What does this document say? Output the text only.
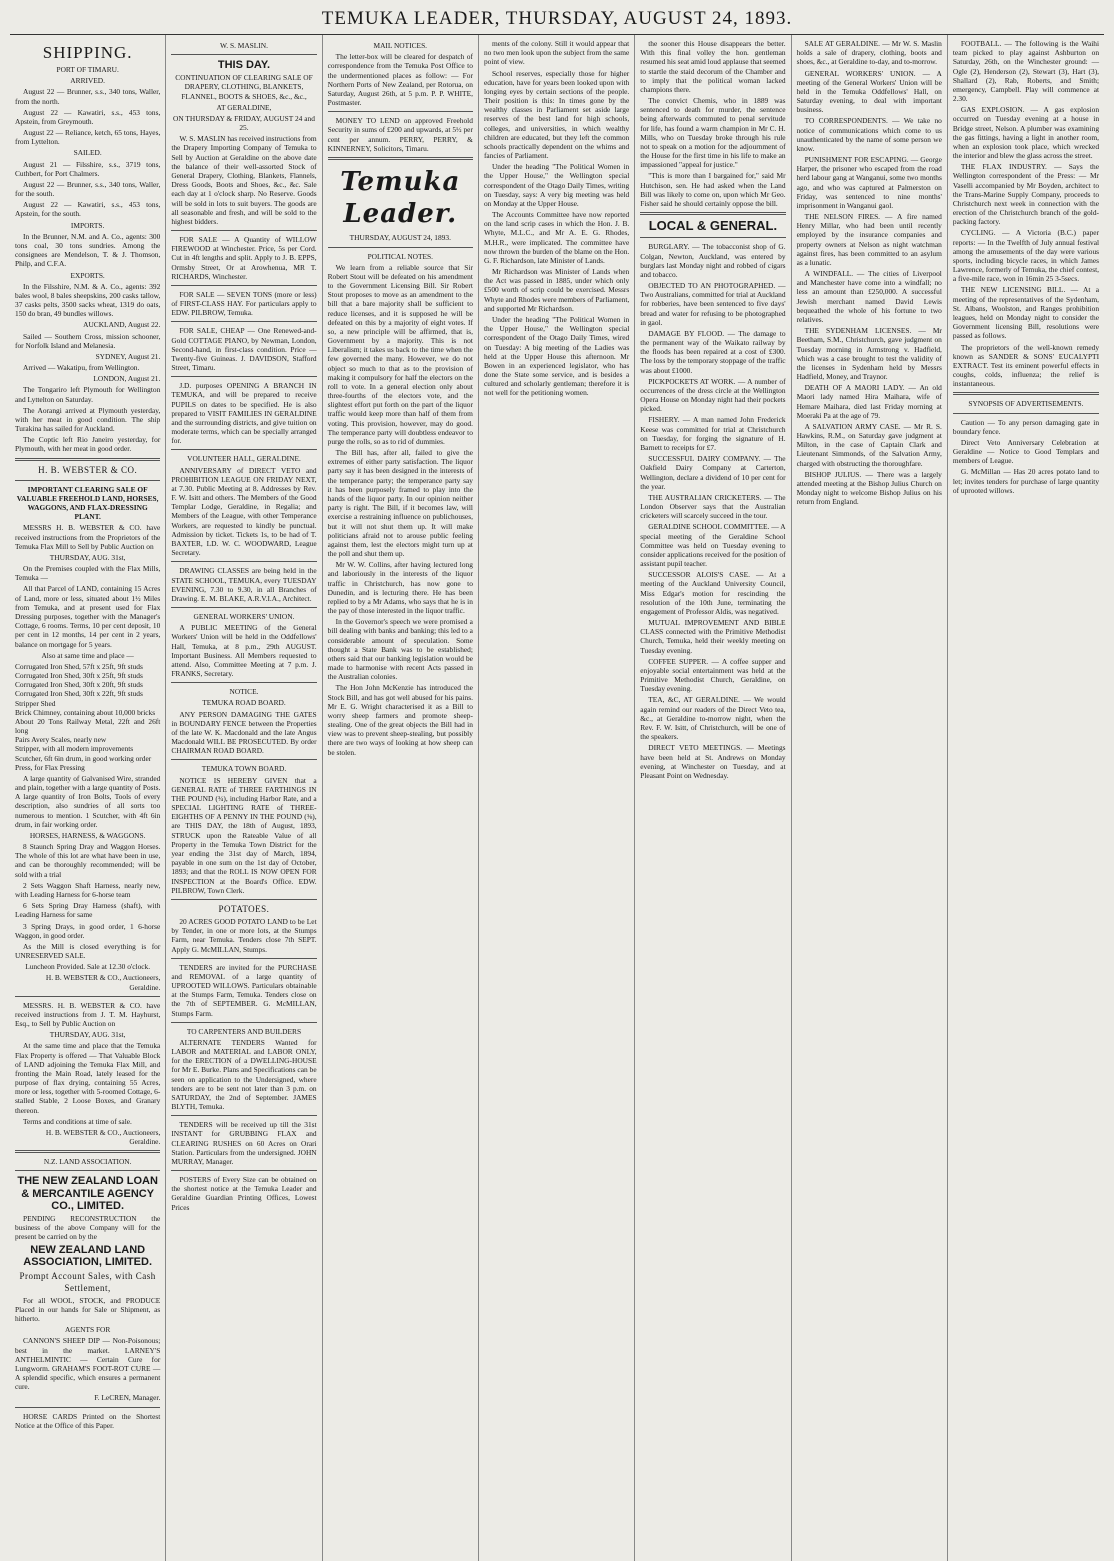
TEMUKA LEADER, THURSDAY, AUGUST 24, 1893.
SHIPPING.
PORT OF TIMARU.
ARRIVED.

August 22 — Brunner, s.s., 340 tons, Waller, from the north.

August 22 — Kawatiri, s.s., 453 tons, Apstein, from Greymouth.

August 22 — Reliance, ketch, 65 tons, Hayes, from Lyttelton.

SAILED.

August 21 — Filsshire, s.s., 3719 tons, Cuthbert, for Port Chalmers.

August 22 — Brunner, s.s., 340 tons, Waller, for the south.

August 22 — Kawatiri, s.s., 453 tons, Apstein, for the south.

IMPORTS.

In the Brunner, N.M. and A. Co., agents: 300 tons coal, 30 tons sundries. Among the consignees are Mendelson, T. & J. Thomson, Philp, and C.F.A.

EXPORTS.

In the Filsshire, N.M. & A. Co., agents: 392 bales wool, 8 bales sheepskins, 200 casks tallow, 37 casks pelts, 3500 sacks wheat, 1319 do oats, 150 do bran, 49 bundles willows.

AUCKLAND, August 22.

Sailed — Southern Cross, mission schooner, for Norfolk Island and Melanesia.

SYDNEY, August 21.

Arrived — Wakatipu, from Wellington.

LONDON, August 21.

The Tongariro left Plymouth for Wellington and Lyttelton on Saturday.

The Aorangi arrived at Plymouth yesterday, with her meat in good condition. The ship Turakina has sailed for Auckland.

The Coptic left Rio Janeiro yesterday, for Plymouth, with her meat in good order.

H. B. WEBSTER & CO.
IMPORTANT CLEARING SALE OF VALUABLE FREEHOLD LAND, HORSES, WAGGONS, AND FLAX-DRESSING PLANT.

MESSRS H. B. WEBSTER & CO. have received instructions from the Proprietors of the Temuka Flax Mill to Sell by Public Auction on

THURSDAY, AUG. 31st,

On the Premises coupled with the Flax Mills, Temuka —

All that Parcel of LAND, containing 15 Acres of Land, more or less, situated about 1½ Miles from Temuka, and at present used for Flax Dressing purposes, together with the Manager's Cottage, 6 rooms. Terms, 10 per cent deposit, 10 per cent in 12 months, 14 per cent in 2 years, balance on mortgage for 5 years.

Also at same time and place —
Corrugated Iron Shed, 57ft x 25ft, 9ft studs
Corrugated Iron Shed, 30ft x 25ft, 9ft studs
Corrugated Iron Shed, 30ft x 20ft, 9ft studs
Corrugated Iron Shed, 30ft x 22ft, 9ft studs
Stripper Shed
Brick Chimney, containing about 10,000 bricks
About 20 Tons Railway Metal, 22ft and 26ft long
Pairs Avery Scales, nearly new
Stripper, with all modern improvements
Scutcher, 6ft 6in drum, in good working order
Press, for Flax Pressing

A large quantity of Galvanised Wire, stranded and plain, together with a large quantity of Posts. A large quantity of Iron Bolts, Tools of every description, also sundries of all sorts too numerous to mention. 1 Scutcher, with 4ft 6in drum, in fair working order.

HORSES, HARNESS, & WAGGONS.

8 Staunch Spring Dray and Waggon Horses. The whole of this lot are what have been in use, and can be thoroughly recommended; will be sold with a trial

2 Sets Waggon Shaft Harness, nearly new, with Leading Harness for 6-horse team

6 Sets Spring Dray Harness (shaft), with Leading Harness for same

3 Spring Drays, in good order, 1 6-horse Waggon, in good order.

As the Mill is closed everything is for UNRESERVED SALE.

Luncheon Provided. Sale at 12.30 o'clock.

H. B. WEBSTER & CO., Auctioneers, Geraldine.

MESSRS. H. B. WEBSTER & CO. have received instructions from J. T. M. Hayhurst, Esq., to Sell by Public Auction on

THURSDAY, AUG. 31st,

At the same time and place that the Temuka Flax Property is offered — That Valuable Block of LAND adjoining the Temuka Flax Mill, and fronting the Main Road, lately leased for the purpose of flax drying, containing 55 Acres, more or less, together with 5-roomed Cottage, 6-stalled Stable, 2 Loose Boxes, and Granary thereon.

Terms and conditions at time of sale.

H. B. WEBSTER & CO., Auctioneers, Geraldine.

N.Z. LAND ASSOCIATION.
THE NEW ZEALAND LOAN & MERCANTILE AGENCY CO., LIMITED.

PENDING RECONSTRUCTION the business of the above Company will for the present be carried on by the

NEW ZEALAND LAND ASSOCIATION, LIMITED.
Prompt Account Sales, with Cash Settlement,

For all WOOL, STOCK, and PRODUCE Placed in our hands for Sale or Shipment, as hitherto.

AGENTS FOR

CANNON'S SHEEP DIP — Non-Poisonous; best in the market. LARNEY'S ANTHELMINTIC — Certain Cure for Lungworm. GRAHAM'S FOOT-ROT CURE — A splendid specific, which ensures a permanent cure.

F. LeCREN, Manager.

HORSE CARDS Printed on the Shortest Notice at the Office of this Paper.

W. S. MASLIN.
THIS DAY.
CONTINUATION OF CLEARING SALE OF DRAPERY, CLOTHING, BLANKETS, FLANNEL, BOOTS & SHOES, &c., &c.,
AT GERALDINE,
ON THURSDAY & FRIDAY, AUGUST 24 and 25.

W. S. MASLIN has received instructions from the Drapery Importing Company of Temuka to Sell by Auction at Geraldine on the above date the balance of their well-assorted Stock of General Drapery, Clothing, Blankets, Flannels, Dress Goods, Boots and Shoes, &c., &c. Sale each day at 1 o'clock sharp. No Reserve. Goods will be sold in lots to suit buyers. The goods are all seasonable and fresh, and will be sold to the highest bidders.

FOR SALE — A Quantity of WILLOW FIREWOOD at Winchester. Price, 5s per Cord. Cut in 4ft lengths and split. Apply to J. B. EPPS, Ormsby Street, Or at Arowhenua, MR T. RICHARDS, Winchester.

FOR SALE — SEVEN TONS (more or less) of FIRST-CLASS HAY. For particulars apply to EDW. PILBROW, Temuka.

FOR SALE, CHEAP — One Renewed-and-Gold COTTAGE PIANO, by Newman, London, Second-hand, in first-class condition. Price — Twenty-five Guineas. J. DAVIDSON, Stafford Street, Timaru.

J.D. purposes OPENING A BRANCH IN TEMUKA, and will be prepared to receive PUPILS on dates to be specified. He is also prepared to VISIT FAMILIES IN GERALDINE and the surrounding districts, and give tuition on moderate terms, which can be specially arranged for.

VOLUNTEER HALL, GERALDINE.

ANNIVERSARY of DIRECT VETO and PROHIBITION LEAGUE ON FRIDAY NEXT, at 7.30. Public Meeting at 8. Addresses by Rev. F. W. Isitt and others. The Members of the Good Templar Lodge, Geraldine, in Regalia; and Members of the League, with other Temperance Workers, are requested to kindly be punctual. Admission by ticket. Tickets 1s, to be had of T. BAXTER, LD. W. C. WOODWARD, League Secretary.

DRAWING CLASSES are being held in the STATE SCHOOL, TEMUKA, every TUESDAY EVENING, 7.30 to 9.30, in all Branches of Drawing. E. M. BLAKE, A.R.V.I.A., Architect.

GENERAL WORKERS' UNION.

A PUBLIC MEETING of the General Workers' Union will be held in the Oddfellows' Hall, Temuka, at 8 p.m., 29th AUGUST. Important Business. All Members requested to attend. Also, Committee Meeting at 7 p.m. J. FRANKS, Secretary.

NOTICE.
TEMUKA ROAD BOARD.

ANY PERSON DAMAGING THE GATES in BOUNDARY FENCE between the Properties of the late W. K. Macdonald and the late Angus Macdonald WILL BE PROSECUTED. By order CHAIRMAN ROAD BOARD.

TEMUKA TOWN BOARD.

NOTICE IS HEREBY GIVEN that a GENERAL RATE of THREE FARTHINGS IN THE POUND (¾), including Harbor Rate, and a SPECIAL LIGHTING RATE of THREE-EIGHTHS OF A PENNY IN THE POUND (⅜), are THIS DAY, the 18th of August, 1893, STRUCK upon the Rateable Value of all Property in the Temuka Town District for the year ending the 31st day of March, 1894, payable in one sum on the 1st day of October, 1893; and that the ROLL IS NOW OPEN FOR INSPECTION at the Board's Office. EDW. PILBROW, Town Clerk.

POTATOES.

20 ACRES GOOD POTATO LAND to be Let by Tender, in one or more lots, at the Stumps Farm, near Temuka. Tenders close 7th SEPT. Apply G. McMILLAN, Stumps.

TENDERS are invited for the PURCHASE and REMOVAL of a large quantity of UPROOTED WILLOWS. Particulars obtainable at the Stumps Farm, Temuka. Tenders close on the 7th of SEPTEMBER. G. McMILLAN, Stumps Farm.

TO CARPENTERS AND BUILDERS

ALTERNATE TENDERS Wanted for LABOR and MATERIAL and LABOR ONLY, for the ERECTION of a DWELLING-HOUSE for Mr E. Burke. Plans and Specifications can be seen on application to the Undersigned, where tenders are to be sent not later than 3 p.m. on SATURDAY, the 2nd of September. JAMES BLYTH, Temuka.

TENDERS will be received up till the 31st INSTANT for GRUBBING FLAX and CLEARING RUSHES on 60 Acres on Orari Station. Particulars from the undersigned. JOHN MURRAY, Manager.

POSTERS of Every Size can be obtained on the shortest notice at the Temuka Leader and Geraldine Guardian Printing Offices, Lowest Prices

MAIL NOTICES.

The letter-box will be cleared for despatch of correspondence from the Temuka Post Office to the undermentioned places as follow: — For Northern Ports of New Zealand, per Rotorua, on Saturday, August 26th, at 5 p.m. P. P. WHITE, Postmaster.

MONEY TO LEND on approved Freehold Security in sums of £200 and upwards, at 5½ per cent per annum. PERRY, PERRY, & KINNERNEY, Solicitors, Timaru.

Temuka Leader.
THURSDAY, AUGUST 24, 1893.
POLITICAL NOTES.

We learn from a reliable source that Sir Robert Stout will be defeated on his amendment to the Government Licensing Bill. Sir Robert Stout proposes to move as an amendment to the bill that a bare majority shall be sufficient to reduce licenses, and it is supposed he will be defeated on this by a majority of eight votes. If so, a new principle will be affirmed, that is, Government by a majority. This is not Liberalism; it takes us back to the time when the few governed the many. However, we do not object so much to that as to the provision of making it compulsory for half the electors on the roll to vote. In a general election only about three-fourths of the electors vote, and the slightest effort put forth on the part of the liquor traffic would keep more than half of them from voting. This provision, however, may do good. The temperance party will doubtless endeavor to purge the rolls, so as to rid of dummies.

The Bill has, after all, failed to give the extremes of either party satisfaction. The liquor party say it has been designed in the interests of the temperance party; the temperance party say it has been purposely framed to play into the hands of the liquor party. In our opinion neither party is right. The Bill, if it becomes law, will exercise a restraining influence on publichouses, but it will not shut them up. It will make politicians afraid not to arouse public feeling against them, lest the electors might turn up at the poll and shut them up.

Mr W. W. Collins, after having lectured long and laboriously in the interests of the liquor traffic in Christchurch, has now gone to Dunedin, and is lecturing there. He has been replied to by a Mr Adams, who says that he is in the pay of those interested in the liquor traffic.

In the Governor's speech we were promised a bill dealing with banks and banking; this led to a considerable amount of speculation. Some thought a State Bank was to be established; others said that our banking legislation would be made to harmonise with recent Acts passed in the Australian colonies.

The Hon John McKenzie has introduced the Stock Bill, and has got well abused for his pains. Mr E. G. Wright characterised it as a Bill to worry sheep farmers and promote sheep-stealing. One of the great objects the Bill had in view was to prevent sheep-stealing, but possibly there are two ways of looking at how sheep can be stolen.

ments of the colony. Still it would appear that no two men look upon the subject from the same point of view.

School reserves, especially those for higher education, have for years been looked upon with longing eyes by certain sections of the people. Their position is this: In times gone by the wealthy classes in Parliament set aside large reserves of the best land for high schools, colleges, and universities, in which wealthy children are educated, but they left the common schools practically dependent on the whims and fancies of Parliament.

Under the heading "The Political Women in the Upper House," the Wellington special correspondent of the Otago Daily Times, writing on Tuesday, says: A very big meeting was held on Monday at the Upper House.

The Accounts Committee have now reported on the land scrip cases in which the Hon. J. B. Whyte, M.L.C., and Mr A. E. G. Rhodes, M.H.R., were implicated. The committee have now thrown the burden of the blame on the Hon. G. F. Richardson, late Minister of Lands.

Mr Richardson was Minister of Lands when the Act was passed in 1885, under which only £500 worth of scrip could be exercised. Messrs Whyte and Rhodes were members of Parliament, and supported Mr Richardson.

Under the heading "The Political Women in the Upper House," the Wellington special correspondent of the Otago Daily Times, wired on Tuesday: A big meeting of the Ladies was held at the Upper House this afternoon. Mr Bowen in an experienced legislator, who has done the State some service, and is besides a cultured and scholarly gentleman; therefore it is not well for the petitioning women.

the sooner this House disappears the better. With this final volley the hon. gentleman resumed his seat amid loud applause that seemed to startle the staid decorum of the Chamber and to imply that the political woman lacked champions there.

The convict Chemis, who in 1889 was sentenced to death for murder, the sentence being afterwards commuted to penal servitude for life, has found a warm champion in Mr C. H. Mills, who on Tuesday broke through his rule not to speak on a motion for the adjournment of the House for the first time in his life to make an impassioned "appeal for justice."

"This is more than I bargained for," said Mr Hutchison, sen. He had asked when the Land Bill was likely to come on, upon which Mr Geo. Fisher said he should certainly oppose the bill.

LOCAL & GENERAL.

BURGLARY. — The tobacconist shop of G. Colgan, Newton, Auckland, was entered by burglars last Monday night and robbed of cigars and tobacco.

OBJECTED TO AN PHOTOGRAPHED. — Two Australians, committed for trial at Auckland for robberies, have been sentenced to five days' bread and water for refusing to be photographed in gaol.

DAMAGE BY FLOOD. — The damage to the permanent way of the Waikato railway by the floods has been repaired at a cost of £300. The loss by the temporary stoppage of the traffic was about £1000.

PICKPOCKETS AT WORK. — A number of occurrences of the dress circle at the Wellington Opera House on Monday night had their pockets picked.

FISHERY. — A man named John Frederick Keese was committed for trial at Christchurch on Tuesday, for forging the signature of H. Barnett to receipts for £7.

SUCCESSFUL DAIRY COMPANY. — The Oakfield Dairy Company at Carterton, Wellington, declare a dividend of 10 per cent for the year.

THE AUSTRALIAN CRICKETERS. — The London Observer says that the Australian cricketers will scarcely succeed in the tour.

GERALDINE SCHOOL COMMITTEE. — A special meeting of the Geraldine School Committee was held on Tuesday evening to consider applications received for the position of assistant pupil teacher.

SUCCESSOR ALOIS'S CASE. — At a meeting of the Auckland University Council, Miss Edgar's motion for rescinding the resolution of the 10th June, terminating the engagement of Professor Aldis, was negatived.

MUTUAL IMPROVEMENT AND BIBLE CLASS connected with the Primitive Methodist Church, Temuka, held their weekly meeting on Tuesday evening.

COFFEE SUPPER. — A coffee supper and enjoyable social entertainment was held at the Primitive Methodist Church, Geraldine, on Tuesday evening.

TEA, &C, AT GERALDINE. — We would again remind our readers of the Direct Veto tea, &c., at Geraldine to-morrow night, when the Rev. F. W. Isitt, of Christchurch, will be one of the speakers.

DIRECT VETO MEETINGS. — Meetings have been held at St. Andrews on Monday evening, at Winchester on Tuesday, and at Pleasant Point on Wednesday.

SALE AT GERALDINE. — Mr W. S. Maslin holds a sale of drapery, clothing, boots and shoes, &c., at Geraldine to-day, and to-morrow.

GENERAL WORKERS' UNION. — A meeting of the General Workers' Union will be held in the Temuka Oddfellows' Hall, on Saturday evening, to deal with important business.

TO CORRESPONDENTS. — We take no notice of communications which come to us unauthenticated by the name of some person we know.

PUNISHMENT FOR ESCAPING. — George Harper, the prisoner who escaped from the road herd labour gang at Wanganui, some two months ago, and who was captured at Palmerston on Friday, was sentenced to nine months' imprisonment in Wanganui gaol.

THE NELSON FIRES. — A fire named Henry Millar, who had been until recently employed by the insurance companies and property owners at Nelson as night watchman against fires, has been committed to an asylum as a lunatic.

A WINDFALL. — The cities of Liverpool and Manchester have come into a windfall; no less an amount than £250,000. A successful Jewish merchant named David Lewis bequeathed the whole of his fortune to two relatives.

THE SYDENHAM LICENSES. — Mr Beetham, S.M., Christchurch, gave judgment on Tuesday morning in Armstrong v. Hadfield, which was a case brought to test the validity of the licenses in Sydenham held by Messrs Hadfield, Money, and Traynor.

DEATH OF A MAORI LADY. — An old Maori lady named Hira Maihara, wife of Hemare Maihara, died last Friday morning at Moeraki Pa at the age of 79.

A SALVATION ARMY CASE. — Mr R. S. Hawkins, R.M., on Saturday gave judgment at Milton, in the case of Captain Clark and Lieutenant Simmonds, of the Salvation Army, charged with obstructing the thoroughfare.

BISHOP JULIUS. — There was a largely attended meeting at the Bishop Julius Church on Monday night to welcome Bishop Julius on his return from England.

FOOTBALL. — The following is the Waihi team picked to play against Ashburton on Saturday, 26th, on the Winchester ground: — Ogle (2), Henderson (2), Stewart (3), Hart (3), Shallard (2), Rab, Roberts, and Smith; emergency, Campbell. Play will commence at 2.30.

GAS EXPLOSION. — A gas explosion occurred on Tuesday evening at a house in Bridge street, Nelson. A plumber was examining the gas fittings, having a light in another room, when an explosion took place, which wrecked the interior and blew the glass across the street.

THE FLAX INDUSTRY. — Says the Wellington correspondent of the Press: — Mr Vaselli accompanied by Mr Boyden, architect to the Trans-Marine Supply Company, proceeds to Christchurch next week in connection with the erection of the Christchurch branch of the gold-packing factory.

CYCLING. — A Victoria (B.C.) paper reports: — In the Twelfth of July annual festival among the amusements of the day were various sports, including bicycle races, in which James Lawrence, formerly of Temuka, the chief contest, a five-mile race, won in 16min 25 3-5secs.

THE NEW LICENSING BILL. — At a meeting of the representatives of the Sydenham, St. Albans, Woolston, and Ranges prohibition leagues, held on Monday night to consider the Government licensing Bill, resolutions were passed as follows.

The proprietors of the well-known remedy known as SANDER & SONS' EUCALYPTI EXTRACT. Test its eminent powerful effects in coughs, colds, influenza; the relief is instantaneous.

SYNOPSIS OF ADVERTISEMENTS.

Caution — To any person damaging gate in boundary fence.

Direct Veto Anniversary Celebration at Geraldine — Notice to Good Templars and members of League.

G. McMillan — Has 20 acres potato land to let; invites tenders for purchase of large quantity of uprooted willows.
